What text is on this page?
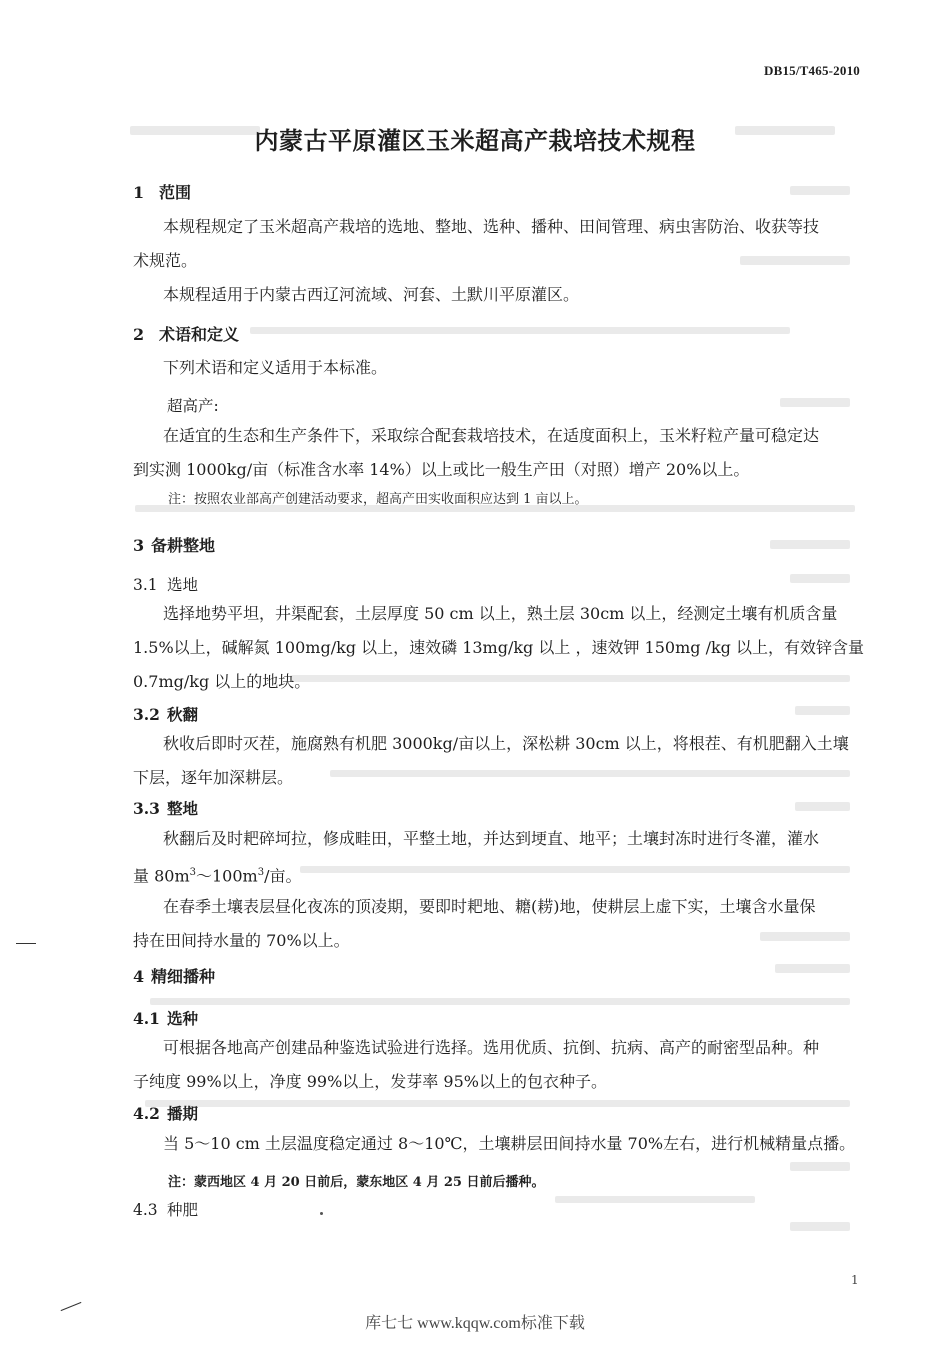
DB15/T465-2010
内蒙古平原灌区玉米超高产栽培技术规程
1 范围
本规程规定了玉米超高产栽培的选地、整地、选种、播种、田间管理、病虫害防治、收获等技
术规范。
本规程适用于内蒙古西辽河流域、河套、土默川平原灌区。
2 术语和定义
下列术语和定义适用于本标准。
超高产:
在适宜的生态和生产条件下，采取综合配套栽培技术，在适度面积上，玉米籽粒产量可稳定达
到实测 1000kg/亩（标准含水率 14%）以上或比一般生产田（对照）增产 20%以上。
注：按照农业部高产创建活动要求，超高产田实收面积应达到 1 亩以上。
3 备耕整地
3.1 选地
选择地势平坦，井渠配套，土层厚度 50 cm 以上，熟土层 30cm 以上，经测定土壤有机质含量
1.5%以上，碱解氮 100mg/kg 以上，速效磷 13mg/kg 以上 ，速效钾 150mg /kg 以上，有效锌含量
0.7mg/kg 以上的地块。
3.2 秋翻
秋收后即时灭茬，施腐熟有机肥 3000kg/亩以上，深松耕 30cm 以上，将根茬、有机肥翻入土壤
下层，逐年加深耕层。
3.3 整地
秋翻后及时耙碎坷拉，修成畦田，平整土地，并达到埂直、地平；土壤封冻时进行冬灌，灌水
量 $80m^3\sim 100m^3/$亩。
在春季土壤表层昼化夜冻的顶凌期，要即时耙地、耱(耢)地，使耕层上虚下实，土壤含水量保
持在田间持水量的 70%以上。
4 精细播种
4.1 选种
可根据各地高产创建品种鉴选试验进行选择。选用优质、抗倒、抗病、高产的耐密型品种。种
子纯度 99%以上，净度 99%以上，发芽率 95%以上的包衣种子。
4.2 播期
当 5～10 cm 土层温度稳定通过 8～10℃，土壤耕层田间持水量 70%左右，进行机械精量点播。
注：蒙西地区 4 月 20 日前后，蒙东地区 4 月 25 日前后播种。
4.3 种肥
1
库七七 www.kqqw.com标准下载
